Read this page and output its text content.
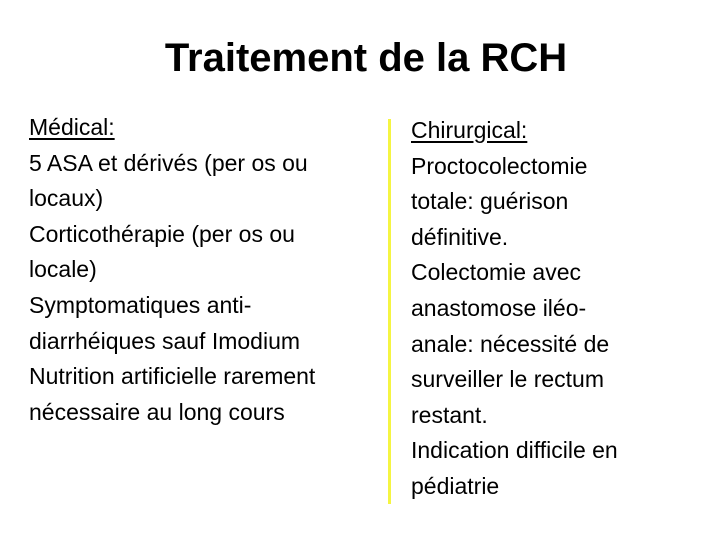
Traitement de la RCH
Médical:
5 ASA et dérivés (per os ou
locaux)
Corticothérapie (per os ou
locale)
Symptomatiques anti-
diarrhéiques sauf Imodium
Nutrition artificielle rarement
nécessaire au long cours
Chirurgical:
Proctocolectomie
totale: guérison
définitive.
Colectomie avec
anastomose iléo-
anale: nécessité de
surveiller le rectum
restant.
Indication difficile en
pédiatrie
